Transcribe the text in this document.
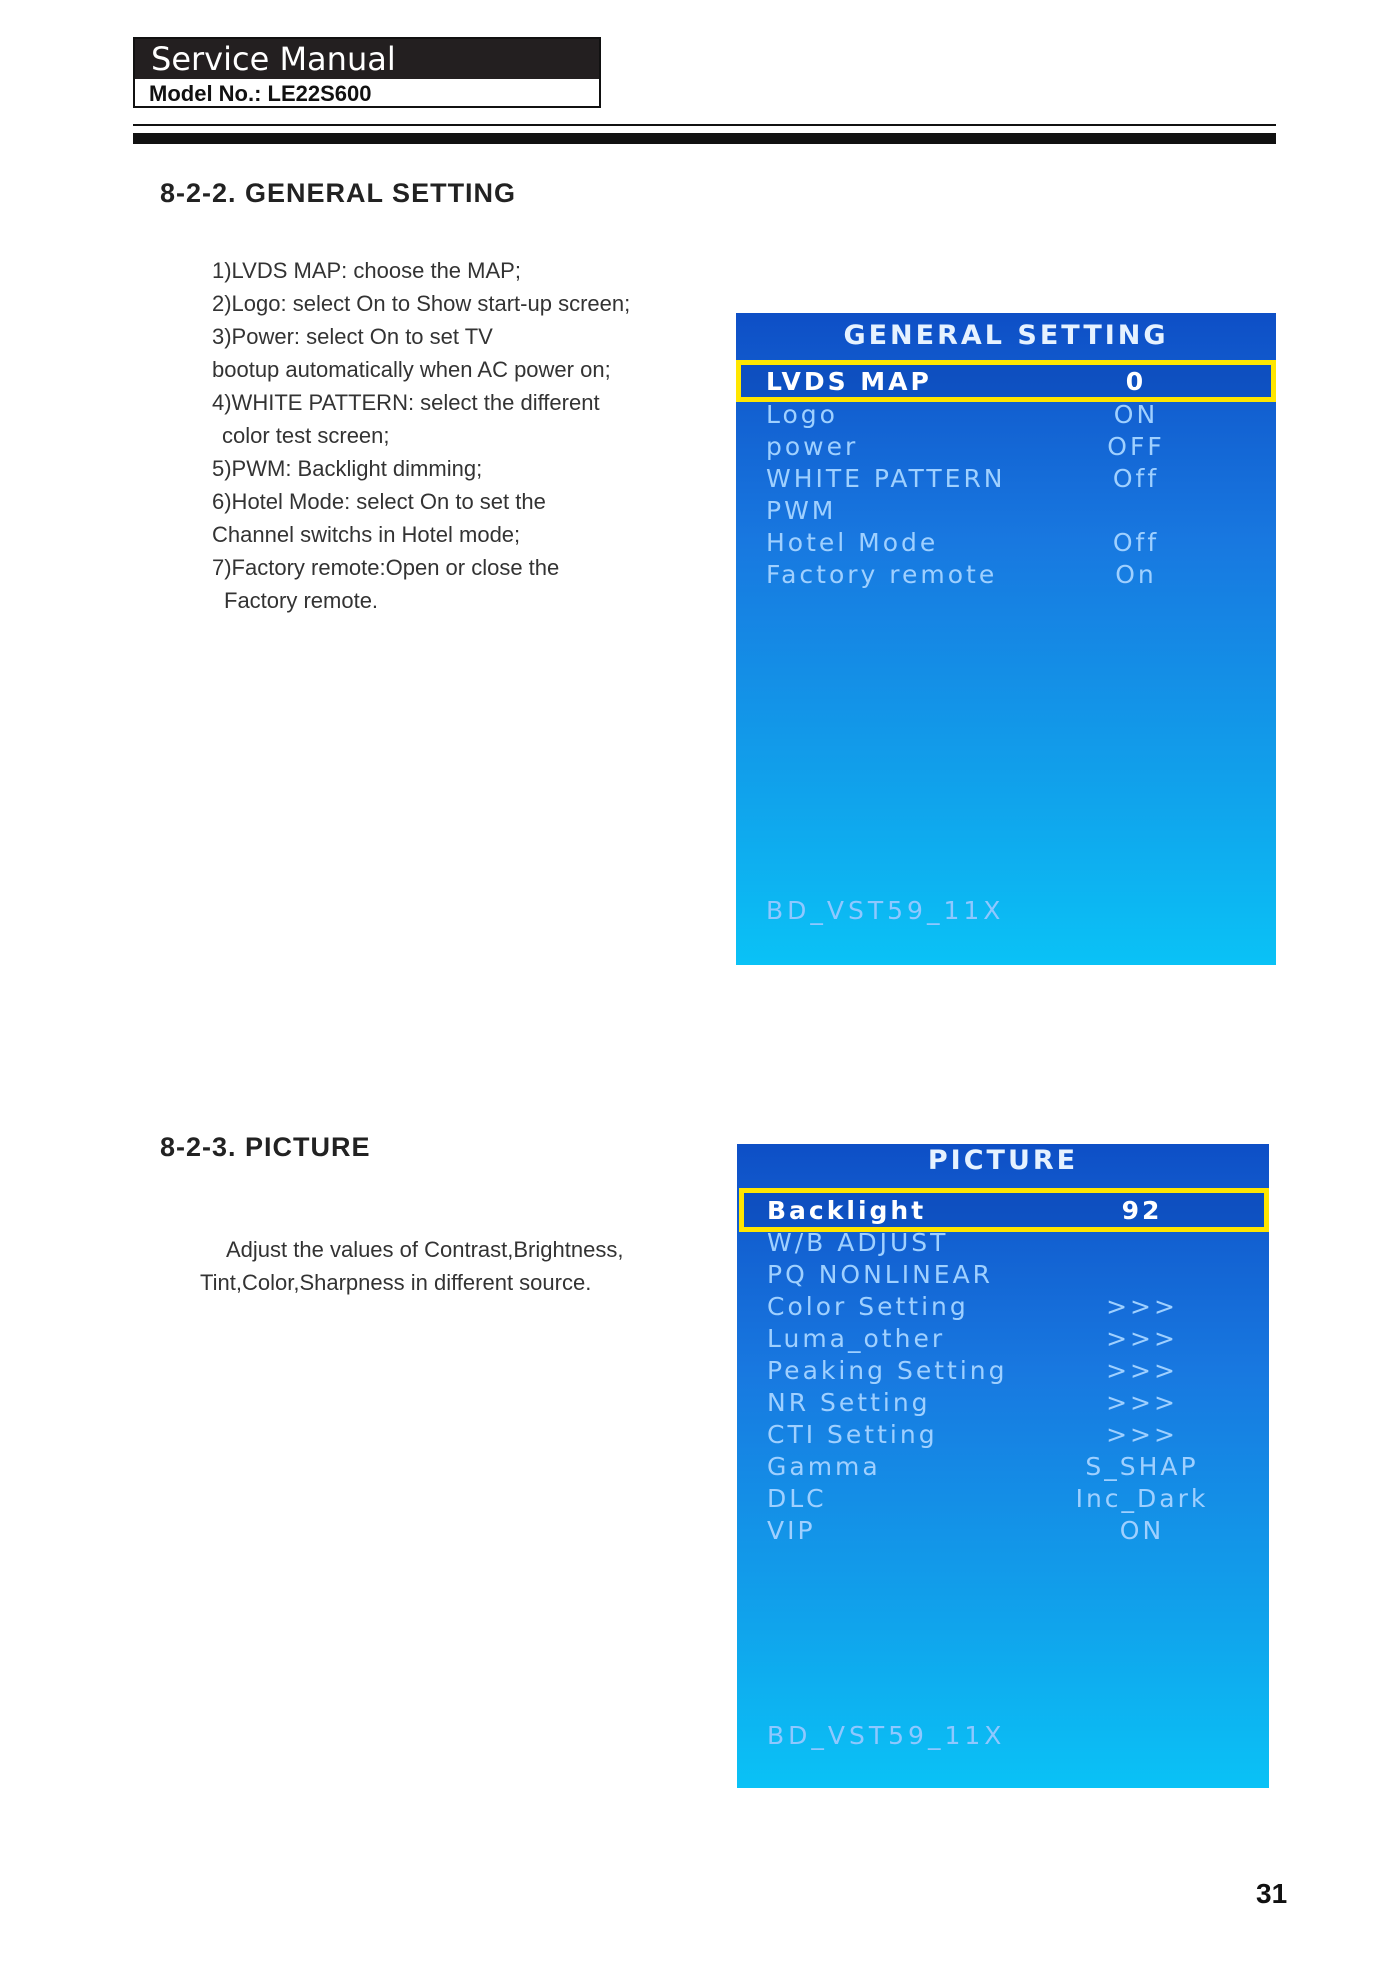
Service Manual
Model No.: LE22S600
8-2-2. GENERAL SETTING
1)LVDS MAP: choose the MAP;
2)Logo: select On to Show start-up screen;
3)Power: select On to set TV
bootup automatically when AC power on;
4)WHITE PATTERN: select the different
color test screen;
5)PWM: Backlight dimming;
6)Hotel Mode: select On to set the
Channel switchs in Hotel mode;
7)Factory remote:Open or close the
Factory remote.
GENERAL SETTING
LVDS MAP	0
Logo	ON
power	OFF
WHITE PATTERN	Off
PWM
Hotel Mode	Off
Factory remote	On
BD_VST59_11X
8-2-3. PICTURE
Adjust the values of Contrast,Brightness,
Tint,Color,Sharpness in different source.
PICTURE
Backlight	92
W/B ADJUST
PQ NONLINEAR
Color Setting	>>>
Luma_other	>>>
Peaking Setting	>>>
NR Setting	>>>
CTI Setting	>>>
Gamma	S_SHAP
DLC	Inc_Dark
VIP	ON
BD_VST59_11X
31
